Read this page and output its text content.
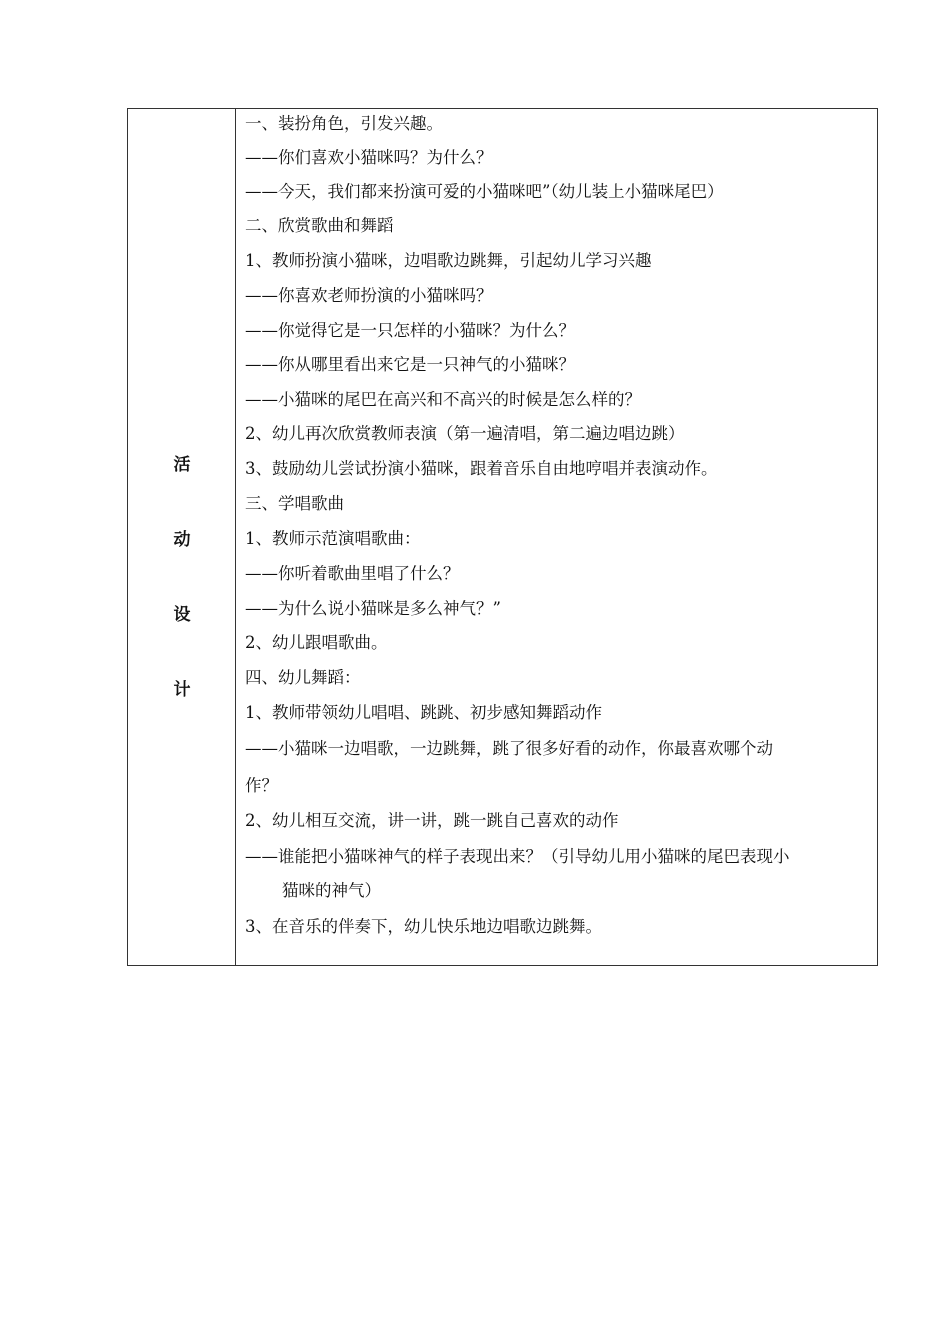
活
动
设
计
一、装扮角色，引发兴趣。
——你们喜欢小猫咪吗？为什么？
——今天，我们都来扮演可爱的小猫咪吧”（幼儿装上小猫咪尾巴）
二、欣赏歌曲和舞蹈
1、教师扮演小猫咪，边唱歌边跳舞，引起幼儿学习兴趣
——你喜欢老师扮演的小猫咪吗？
——你觉得它是一只怎样的小猫咪？为什么？
——你从哪里看出来它是一只神气的小猫咪？
——小猫咪的尾巴在高兴和不高兴的时候是怎么样的？
2、幼儿再次欣赏教师表演（第一遍清唱，第二遍边唱边跳）
3、鼓励幼儿尝试扮演小猫咪，跟着音乐自由地哼唱并表演动作。
三、学唱歌曲
1、教师示范演唱歌曲：
——你听着歌曲里唱了什么？
——为什么说小猫咪是多么神气？”
2、幼儿跟唱歌曲。
四、幼儿舞蹈：
1、教师带领幼儿唱唱、跳跳、初步感知舞蹈动作
——小猫咪一边唱歌，一边跳舞，跳了很多好看的动作，你最喜欢哪个动
作？
2、幼儿相互交流，讲一讲，跳一跳自己喜欢的动作
——谁能把小猫咪神气的样子表现出来？（引导幼儿用小猫咪的尾巴表现小
猫咪的神气）
3、在音乐的伴奏下，幼儿快乐地边唱歌边跳舞。
